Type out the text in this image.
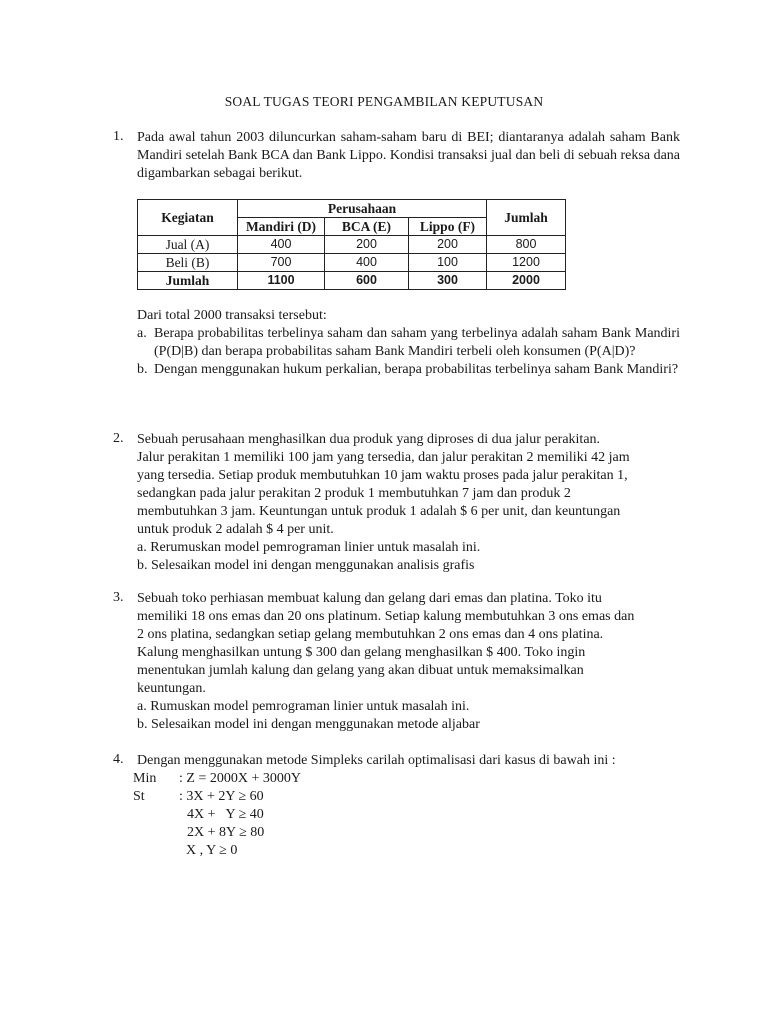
SOAL TUGAS TEORI PENGAMBILAN KEPUTUSAN
1. Pada awal tahun 2003 diluncurkan saham-saham baru di BEI; diantaranya adalah saham Bank Mandiri setelah Bank BCA dan Bank Lippo. Kondisi transaksi jual dan beli di sebuah reksa dana digambarkan sebagai berikut.
Kegiatan	Perusahaan			Jumlah
	Mandiri (D)	BCA (E)	Lippo (F)	
Jual (A)	400	200	200	800
Beli (B)	700	400	100	1200
Jumlah	1100	600	300	2000
Dari total 2000 transaksi tersebut:
a. Berapa probabilitas terbelinya saham dan saham yang terbelinya adalah saham Bank Mandiri (P(D|B) dan berapa probabilitas saham Bank Mandiri terbeli oleh konsumen (P(A|D)?
b. Dengan menggunakan hukum perkalian, berapa probabilitas terbelinya saham Bank Mandiri?
2. Sebuah perusahaan menghasilkan dua produk yang diproses di dua jalur perakitan.
Jalur perakitan 1 memiliki 100 jam yang tersedia, dan jalur perakitan 2 memiliki 42 jam
yang tersedia. Setiap produk membutuhkan 10 jam waktu proses pada jalur perakitan 1,
sedangkan pada jalur perakitan 2 produk 1 membutuhkan 7 jam dan produk 2
membutuhkan 3 jam. Keuntungan untuk produk 1 adalah $ 6 per unit, dan keuntungan
untuk produk 2 adalah $ 4 per unit.
a. Rerumuskan model pemrograman linier untuk masalah ini.
b. Selesaikan model ini dengan menggunakan analisis grafis
3. Sebuah toko perhiasan membuat kalung dan gelang dari emas dan platina. Toko itu
memiliki 18 ons emas dan 20 ons platinum. Setiap kalung membutuhkan 3 ons emas dan
2 ons platina, sedangkan setiap gelang membutuhkan 2 ons emas dan 4 ons platina.
Kalung menghasilkan untung $ 300 dan gelang menghasilkan $ 400. Toko ingin
menentukan jumlah kalung dan gelang yang akan dibuat untuk memaksimalkan
keuntungan.
a. Rumuskan model pemrograman linier untuk masalah ini.
b. Selesaikan model ini dengan menggunakan metode aljabar
4. Dengan menggunakan metode Simpleks carilah optimalisasi dari kasus di bawah ini :
Min	: Z = 2000X + 3000Y
St	: 3X + 2Y ≥ 60
4X +   Y ≥ 40
2X + 8Y ≥ 80
X , Y ≥ 0
